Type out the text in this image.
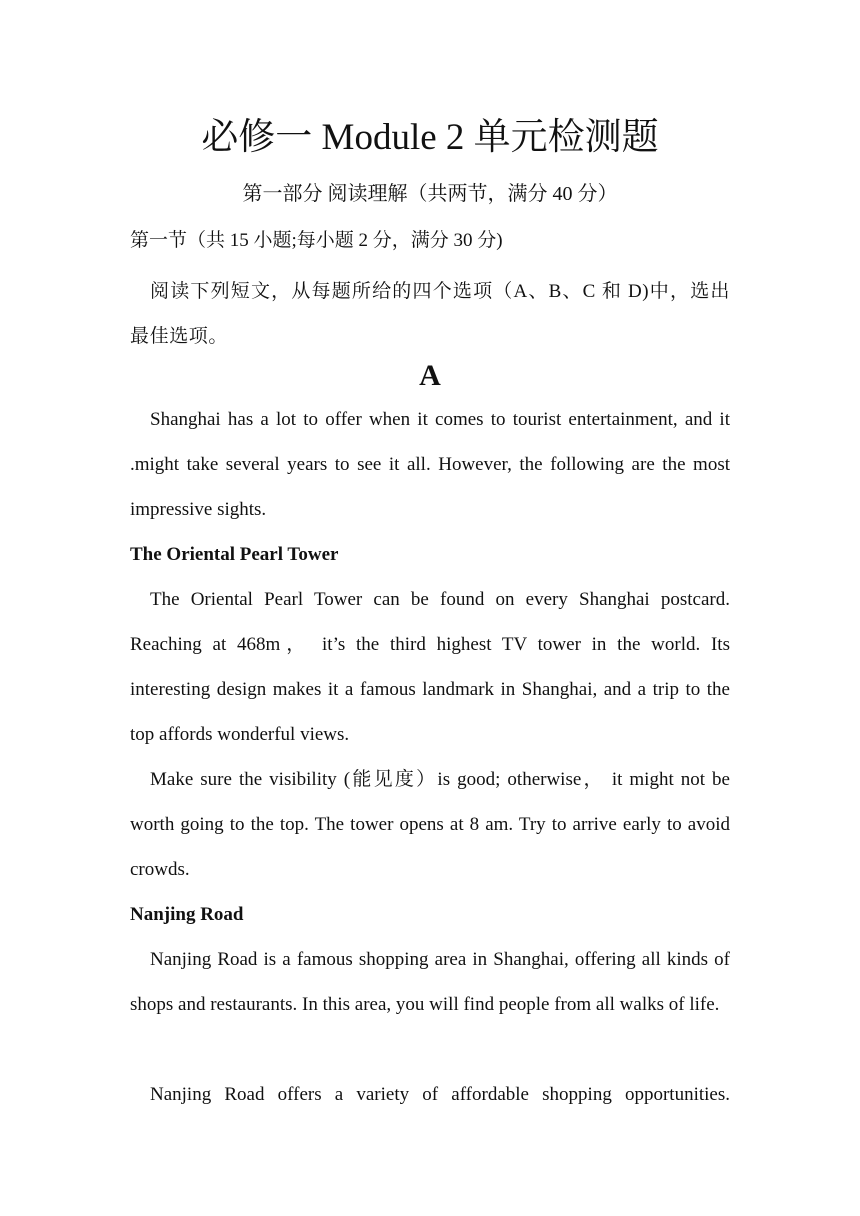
必修一 Module 2 单元检测题
第一部分 阅读理解（共两节，满分 40 分）
第一节（共 15 小题;每小题 2 分，满分 30 分)
阅读下列短文，从每题所给的四个选项（A、B、C 和 D)中，选出最佳选项。
A
Shanghai has a lot to offer when it comes to tourist entertainment, and it .might take several years to see it all. However, the following are the most impressive sights.
The Oriental Pearl Tower
The Oriental Pearl Tower can be found on every Shanghai postcard. Reaching at 468m， it’s the third highest TV tower in the world. Its interesting design makes it a famous landmark in Shanghai, and a trip to the top affords wonderful views.
Make sure the visibility (能见度）is good; otherwise， it might not be worth going to the top. The tower opens at 8 am. Try to arrive early to avoid crowds.
Nanjing Road
Nanjing Road is a famous shopping area in Shanghai, offering all kinds of shops and restaurants. In this area, you will find people from all walks of life.
Nanjing Road offers a variety of affordable shopping opportunities.
